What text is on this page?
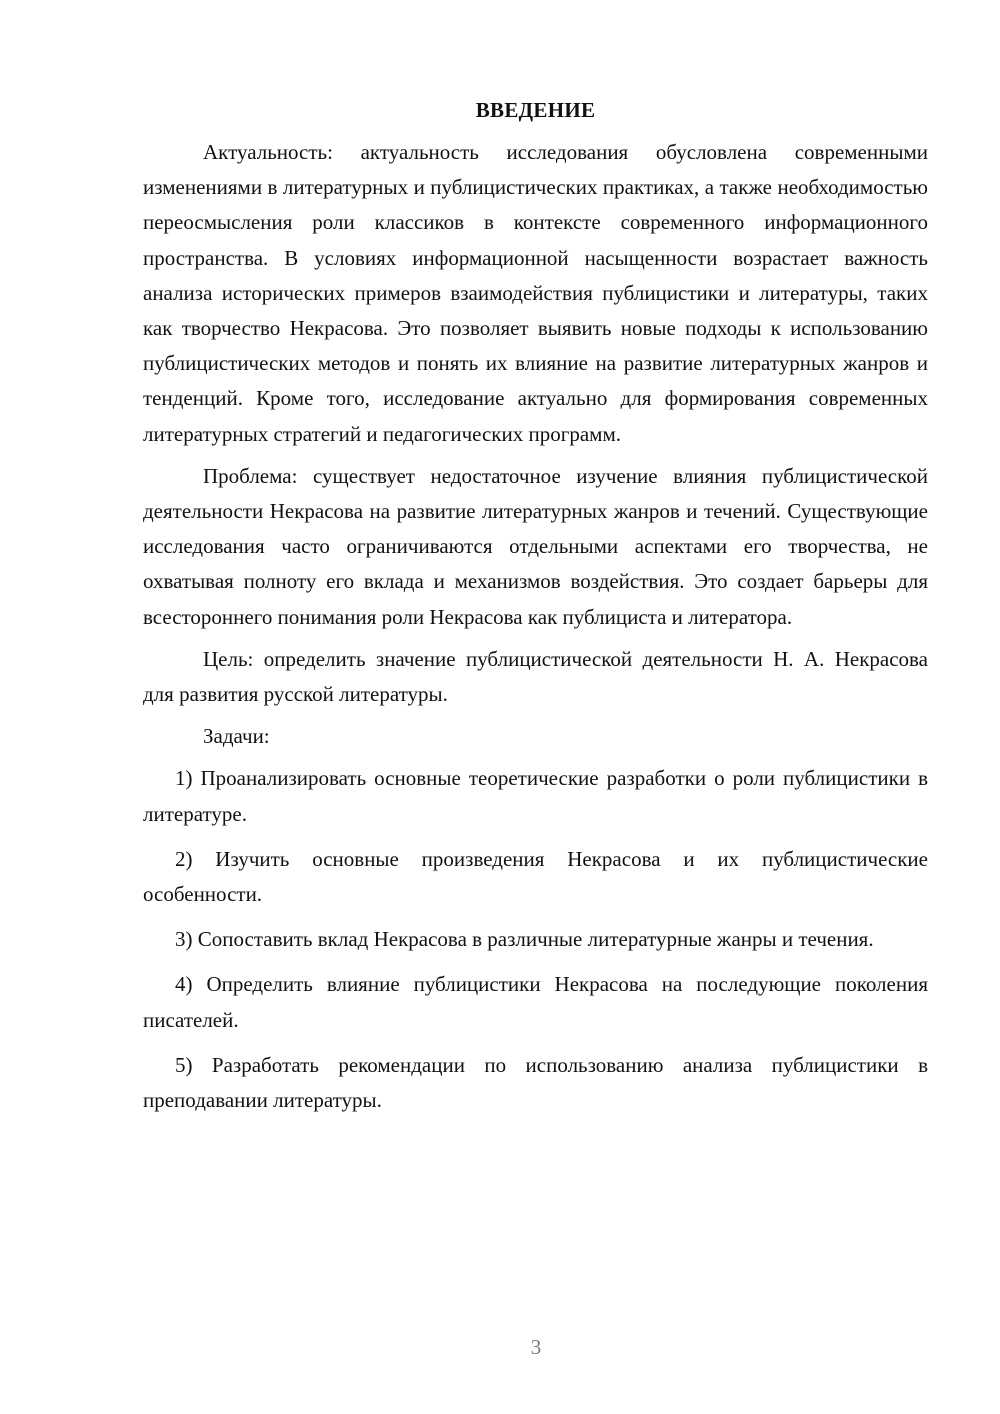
ВВЕДЕНИЕ

Актуальность: актуальность исследования обусловлена современными изменениями в литературных и публицистических практиках, а также необходимостью переосмысления роли классиков в контексте современного информационного пространства. В условиях информационной насыщенности возрастает важность анализа исторических примеров взаимодействия публицистики и литературы, таких как творчество Некрасова. Это позволяет выявить новые подходы к использованию публицистических методов и понять их влияние на развитие литературных жанров и тенденций. Кроме того, исследование актуально для формирования современных литературных стратегий и педагогических программ.

Проблема: существует недостаточное изучение влияния публицистической деятельности Некрасова на развитие литературных жанров и течений. Существующие исследования часто ограничиваются отдельными аспектами его творчества, не охватывая полноту его вклада и механизмов воздействия. Это создает барьеры для всестороннего понимания роли Некрасова как публициста и литератора.

Цель: определить значение публицистической деятельности Н. А. Некрасова для развития русской литературы.

Задачи:

1) Проанализировать основные теоретические разработки о роли публицистики в литературе.

2) Изучить основные произведения Некрасова и их публицистические особенности.

3) Сопоставить вклад Некрасова в различные литературные жанры и течения.

4) Определить влияние публицистики Некрасова на последующие поколения писателей.

5) Разработать рекомендации по использованию анализа публицистики в преподавании литературы.

3
